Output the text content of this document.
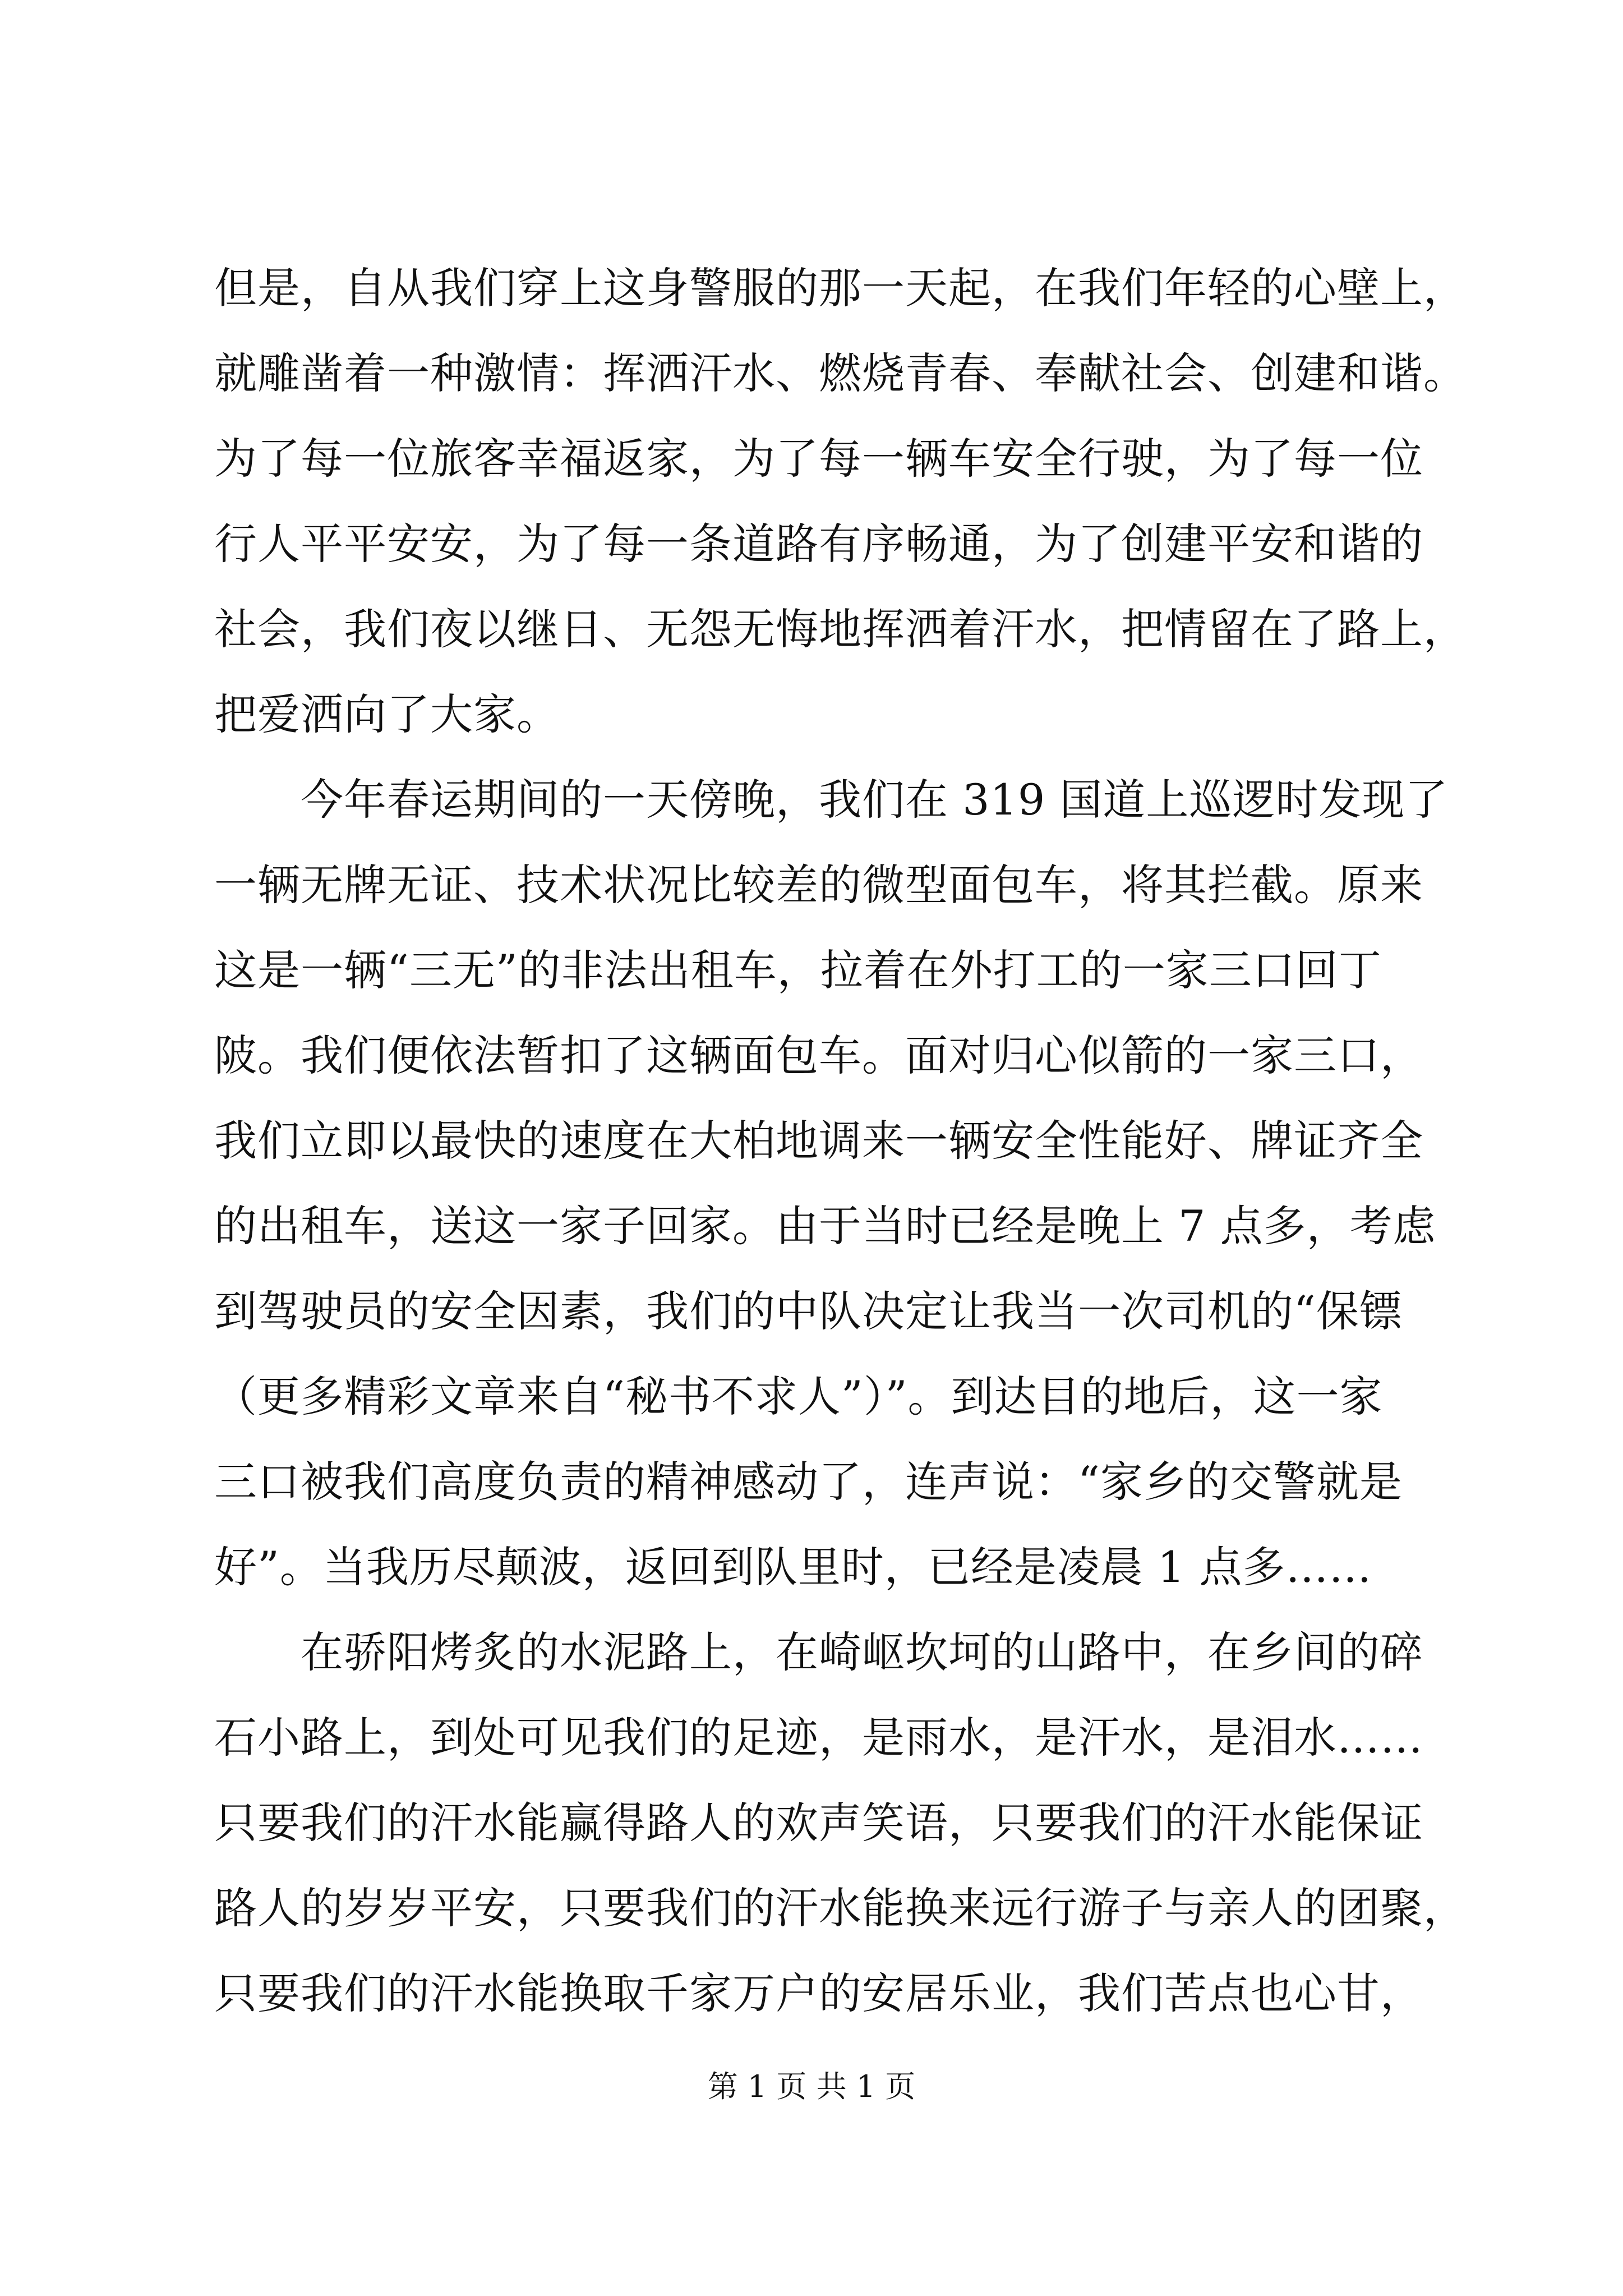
但是，自从我们穿上这身警服的那一天起，在我们年轻的心壁上，
就雕凿着一种激情：挥洒汗水、燃烧青春、奉献社会、创建和谐。
为了每一位旅客幸福返家，为了每一辆车安全行驶，为了每一位
行人平平安安，为了每一条道路有序畅通，为了创建平安和谐的
社会，我们夜以继日、无怨无悔地挥洒着汗水，把情留在了路上，
把爱洒向了大家。
　　今年春运期间的一天傍晚，我们在 319 国道上巡逻时发现了
一辆无牌无证、技术状况比较差的微型面包车，将其拦截。原来
这是一辆“三无”的非法出租车，拉着在外打工的一家三口回丁
陂。我们便依法暂扣了这辆面包车。面对归心似箭的一家三口，
我们立即以最快的速度在大柏地调来一辆安全性能好、牌证齐全
的出租车，送这一家子回家。由于当时已经是晚上 7 点多，考虑
到驾驶员的安全因素，我们的中队决定让我当一次司机的“保镖
（更多精彩文章来自“秘书不求人”）”。到达目的地后，这一家
三口被我们高度负责的精神感动了，连声说：“家乡的交警就是
好”。当我历尽颠波，返回到队里时，已经是凌晨 1 点多……
　　在骄阳烤炙的水泥路上，在崎岖坎坷的山路中，在乡间的碎
石小路上，到处可见我们的足迹，是雨水，是汗水，是泪水……
只要我们的汗水能赢得路人的欢声笑语，只要我们的汗水能保证
路人的岁岁平安，只要我们的汗水能换来远行游子与亲人的团聚，
只要我们的汗水能换取千家万户的安居乐业，我们苦点也心甘，
第 1 页 共 1 页
